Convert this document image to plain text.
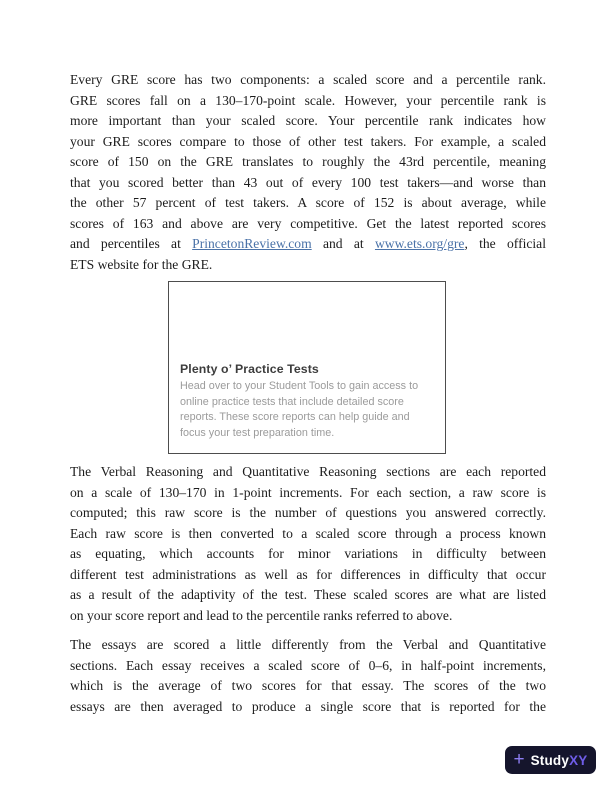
Every GRE score has two components: a scaled score and a percentile rank.
GRE scores fall on a 130–170-point scale. However, your percentile rank is
more important than your scaled score. Your percentile rank indicates how
your GRE scores compare to those of other test takers. For example, a scaled
score of 150 on the GRE translates to roughly the 43rd percentile, meaning
that you scored better than 43 out of every 100 test takers—and worse than
the other 57 percent of test takers. A score of 152 is about average, while
scores of 163 and above are very competitive. Get the latest reported scores
and percentiles at PrincetonReview.com and at www.ets.org/gre, the official
ETS website for the GRE.
Plenty o’ Practice Tests
Head over to your Student Tools to gain access to
online practice tests that include detailed score
reports. These score reports can help guide and
focus your test preparation time.
The Verbal Reasoning and Quantitative Reasoning sections are each reported
on a scale of 130–170 in 1-point increments. For each section, a raw score is
computed; this raw score is the number of questions you answered correctly.
Each raw score is then converted to a scaled score through a process known
as equating, which accounts for minor variations in difficulty between
different test administrations as well as for differences in difficulty that occur
as a result of the adaptivity of the test. These scaled scores are what are listed
on your score report and lead to the percentile ranks referred to above.
The essays are scored a little differently from the Verbal and Quantitative
sections. Each essay receives a scaled score of 0–6, in half-point increments,
which is the average of two scores for that essay. The scores of the two
essays are then averaged to produce a single score that is reported for the
+ Study XY
